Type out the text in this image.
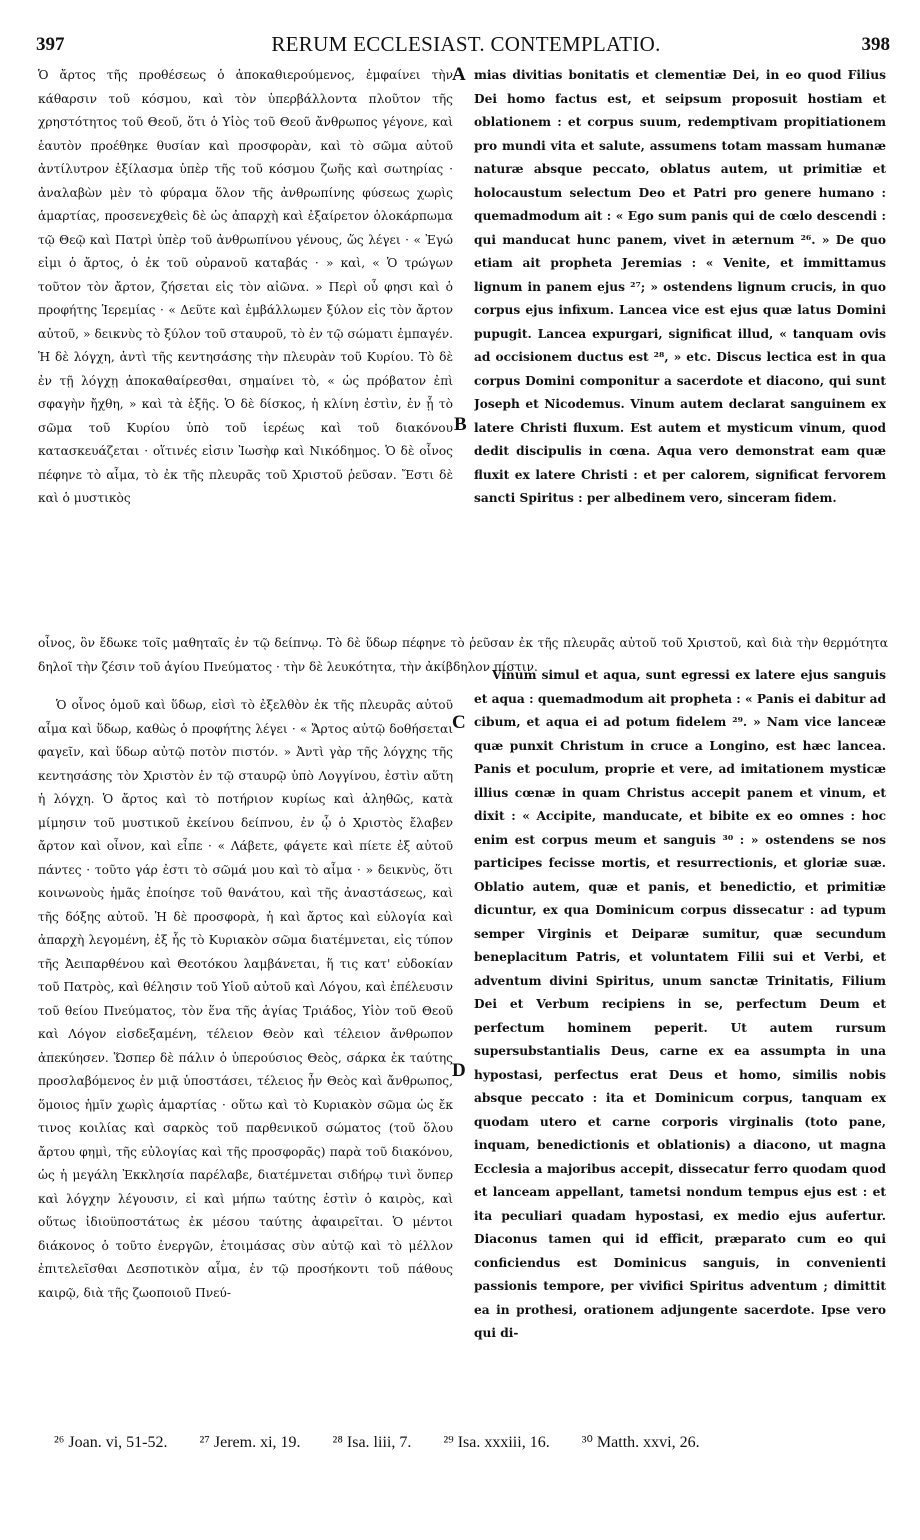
397	RERUM ECCLESIAST. CONTEMPLATIO.	398
A
B
C
D

Ὁ ἄρτος τῆς προθέσεως ὁ ἀποκαθιερούμενος, ἐμφαίνει τὴν κάθαρσιν τοῦ κόσμου, καὶ τὸν ὑπερβάλλοντα πλοῦτον τῆς χρηστότητος τοῦ Θεοῦ, ὅτι ὁ Υἱὸς τοῦ Θεοῦ ἄνθρωπος γέγονε, καὶ ἑαυτὸν προέθηκε θυσίαν καὶ προσφορὰν, καὶ τὸ σῶμα αὐτοῦ ἀντίλυτρον ἐξίλασμα ὑπὲρ τῆς τοῦ κόσμου ζωῆς καὶ σωτηρίας · ἀναλαβὼν μὲν τὸ φύραμα ὅλον τῆς ἀνθρωπίνης φύσεως χωρὶς ἁμαρτίας, προσενεχθεὶς δὲ ὡς ἀπαρχὴ καὶ ἐξαίρετον ὁλοκάρπωμα τῷ Θεῷ καὶ Πατρὶ ὑπὲρ τοῦ ἀνθρωπίνου γένους, ὥς λέγει · « Ἐγώ εἰμι ὁ ἄρτος, ὁ ἐκ τοῦ οὐρανοῦ καταβάς · » καὶ, « Ὁ τρώγων τοῦτον τὸν ἄρτον, ζήσεται εἰς τὸν αἰῶνα. » Περὶ οὗ φησι καὶ ὁ προφήτης Ἱερεμίας · « Δεῦτε καὶ ἐμβάλλωμεν ξύλον εἰς τὸν ἄρτον αὐτοῦ, » δεικνὺς τὸ ξύλον τοῦ σταυροῦ, τὸ ἐν τῷ σώματι ἐμπαγέν. Ἡ δὲ λόγχη, ἀντὶ τῆς κεντησάσης τὴν πλευρὰν τοῦ Κυρίου. Τὸ δὲ ἐν τῇ λόγχῃ ἀποκαθαίρεσθαι, σημαίνει τὸ, « ὡς πρόβατον ἐπὶ σφαγὴν ἤχθη, » καὶ τὰ ἑξῆς. Ὁ δὲ δίσκος, ἡ κλίνη ἐστὶν, ἐν ᾗ τὸ σῶμα τοῦ Κυρίου ὑπὸ τοῦ ἱερέως καὶ τοῦ διακόνου κατασκευάζεται · οἵτινές εἰσιν Ἰωσὴφ καὶ Νικόδημος. Ὁ δὲ οἶνος πέφηνε τὸ αἷμα, τὸ ἐκ τῆς πλευρᾶς τοῦ Χριστοῦ ῥεῦσαν. Ἔστι δὲ καὶ ὁ μυστικὸς

mias divitias bonitatis et clementiæ Dei, in eo quod Filius Dei homo factus est, et seipsum proposuit hostiam et oblationem : et corpus suum, redemptivam propitiationem pro mundi vita et salute, assumens totam massam humanæ naturæ absque peccato, oblatus autem, ut primitiæ et holocaustum selectum Deo et Patri pro genere humano : quemadmodum ait : « Ego sum panis qui de cœlo descendi : qui manducat hunc panem, vivet in æternum ²⁶. » De quo etiam ait propheta Jeremias : « Venite, et immittamus lignum in panem ejus ²⁷; » ostendens lignum crucis, in quo corpus ejus infixum. Lancea vice est ejus quæ latus Domini pupugit. Lancea expurgari, significat illud, « tanquam ovis ad occisionem ductus est ²⁸, » etc. Discus lectica est in qua corpus Domini componitur a sacerdote et diacono, qui sunt Joseph et Nicodemus. Vinum autem declarat sanguinem ex latere Christi fluxum. Est autem et mysticum vinum, quod dedit discipulis in cœna. Aqua vero demonstrat eam quæ fluxit ex latere Christi : et per calorem, significat fervorem sancti Spiritus : per albedinem vero, sinceram fidem.

οἶνος, ὃν ἔδωκε τοῖς μαθηταῖς ἐν τῷ δείπνῳ. Τὸ δὲ ὕδωρ πέφηνε τὸ ῥεῦσαν ἐκ τῆς πλευρᾶς αὐτοῦ τοῦ Χριστοῦ, καὶ διὰ τὴν θερμότητα δηλοῖ τὴν ζέσιν τοῦ ἁγίου Πνεύματος · τὴν δὲ λευκότητα, τὴν ἀκίβδηλον πίστιν.

Ὁ οἶνος ὁμοῦ καὶ ὕδωρ, εἰσὶ τὸ ἐξελθὸν ἐκ τῆς πλευρᾶς αὐτοῦ αἷμα καὶ ὕδωρ, καθὼς ὁ προφήτης λέγει · « Ἄρτος αὐτῷ δοθήσεται φαγεῖν, καὶ ὕδωρ αὐτῷ ποτὸν πιστόν. » Ἀντὶ γὰρ τῆς λόγχης τῆς κεντησάσης τὸν Χριστὸν ἐν τῷ σταυρῷ ὑπὸ Λογγίνου, ἐστὶν αὕτη ἡ λόγχη. Ὁ ἄρτος καὶ τὸ ποτήριον κυρίως καὶ ἀληθῶς, κατὰ μίμησιν τοῦ μυστικοῦ ἐκείνου δείπνου, ἐν ᾧ ὁ Χριστὸς ἔλαβεν ἄρτον καὶ οἶνον, καὶ εἶπε · « Λάβετε, φάγετε καὶ πίετε ἐξ αὐτοῦ πάντες · τοῦτο γάρ ἐστι τὸ σῶμά μου καὶ τὸ αἷμα · » δεικνὺς, ὅτι κοινωνοὺς ἡμᾶς ἐποίησε τοῦ θανάτου, καὶ τῆς ἀναστάσεως, καὶ τῆς δόξης αὐτοῦ. Ἡ δὲ προσφορὰ, ἡ καὶ ἄρτος καὶ εὐλογία καὶ ἀπαρχὴ λεγομένη, ἐξ ἧς τὸ Κυριακὸν σῶμα διατέμνεται, εἰς τύπον τῆς Ἀειπαρθένου καὶ Θεοτόκου λαμβάνεται, ἥ τις κατ' εὐδοκίαν τοῦ Πατρὸς, καὶ θέλησιν τοῦ Υἱοῦ αὐτοῦ καὶ Λόγου, καὶ ἐπέλευσιν τοῦ θείου Πνεύματος, τὸν ἕνα τῆς ἁγίας Τριάδος, Υἱὸν τοῦ Θεοῦ καὶ Λόγον εἰσδεξαμένη, τέλειον Θεὸν καὶ τέλειον ἄνθρωπον ἀπεκύησεν. Ὥσπερ δὲ πάλιν ὁ ὑπερούσιος Θεὸς, σάρκα ἐκ ταύτης προσλαβόμενος ἐν μιᾷ ὑποστάσει, τέλειος ἦν Θεὸς καὶ ἄνθρωπος, ὅμοιος ἡμῖν χωρὶς ἁμαρτίας · οὕτω καὶ τὸ Κυριακὸν σῶμα ὡς ἔκ τινος κοιλίας καὶ σαρκὸς τοῦ παρθενικοῦ σώματος (τοῦ ὅλου ἄρτου φημὶ, τῆς εὐλογίας καὶ τῆς προσφορᾶς) παρὰ τοῦ διακόνου, ὡς ἡ μεγάλη Ἐκκλησία παρέλαβε, διατέμνεται σιδήρῳ τινὶ ὅνπερ καὶ λόγχην λέγουσιν, εἰ καὶ μήπω ταύτης ἐστὶν ὁ καιρὸς, καὶ οὕτως ἰδιοϋποστάτως ἐκ μέσου ταύτης ἀφαιρεῖται. Ὁ μέντοι διάκονος ὁ τοῦτο ἐνεργῶν, ἑτοιμάσας σὺν αὐτῷ καὶ τὸ μέλλον ἐπιτελεῖσθαι Δεσποτικὸν αἷμα, ἐν τῷ προσήκοντι τοῦ πάθους καιρῷ, διὰ τῆς ζωοποιοῦ Πνεύ-

Vinum simul et aqua, sunt egressi ex latere ejus sanguis et aqua : quemadmodum ait propheta : « Panis ei dabitur ad cibum, et aqua ei ad potum fidelem ²⁹. » Nam vice lanceæ quæ punxit Christum in cruce a Longino, est hæc lancea. Panis et poculum, proprie et vere, ad imitationem mysticæ illius cœnæ in quam Christus accepit panem et vinum, et dixit : « Accipite, manducate, et bibite ex eo omnes : hoc enim est corpus meum et sanguis ³⁰ : » ostendens se nos participes fecisse mortis, et resurrectionis, et gloriæ suæ. Oblatio autem, quæ et panis, et benedictio, et primitiæ dicuntur, ex qua Dominicum corpus dissecatur : ad typum semper Virginis et Deiparæ sumitur, quæ secundum beneplacitum Patris, et voluntatem Filii sui et Verbi, et adventum divini Spiritus, unum sanctæ Trinitatis, Filium Dei et Verbum recipiens in se, perfectum Deum et perfectum hominem peperit. Ut autem rursum supersubstantialis Deus, carne ex ea assumpta in una hypostasi, perfectus erat Deus et homo, similis nobis absque peccato : ita et Dominicum corpus, tanquam ex quodam utero et carne corporis virginalis (toto pane, inquam, benedictionis et oblationis) a diacono, ut magna Ecclesia a majoribus accepit, dissecatur ferro quodam quod et lanceam appellant, tametsi nondum tempus ejus est : et ita peculiari quadam hypostasi, ex medio ejus aufertur. Diaconus tamen qui id efficit, præparato cum eo qui conficiendus est Dominicus sanguis, in convenienti passionis tempore, per vivifici Spiritus adventum ; dimittit ea in prothesi, orationem adjungente sacerdote. Ipse vero qui di-

²⁶ Joan. vi, 51-52. ²⁷ Jerem. xi, 19. ²⁸ Isa. liii, 7. ²⁹ Isa. xxxiii, 16. ³⁰ Matth. xxvi, 26.
